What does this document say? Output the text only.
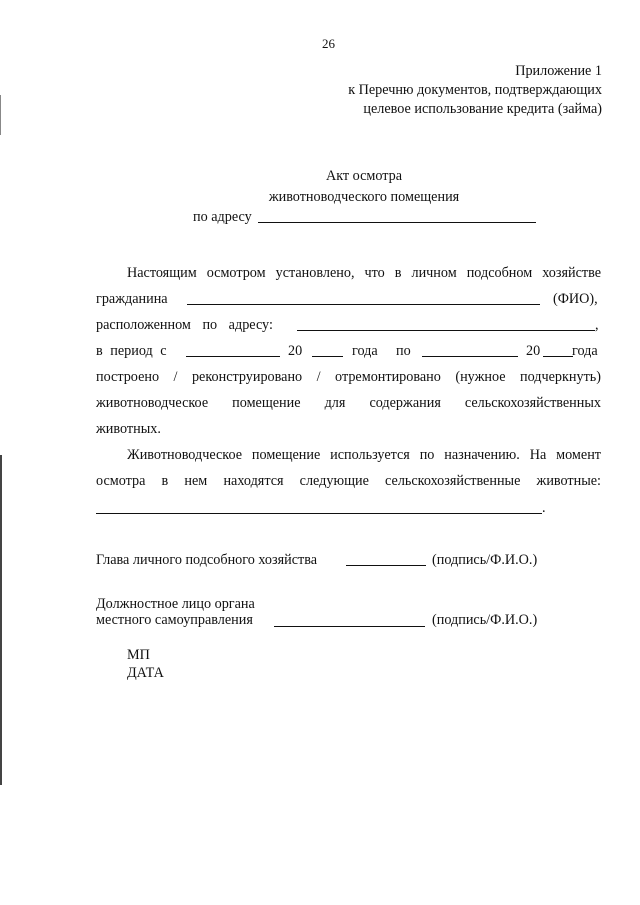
26
Приложение 1
к Перечню документов, подтверждающих
целевое использование кредита (займа)
Акт осмотра
животноводческого помещения
по адресу
Настоящим осмотром установлено, что в личном подсобном хозяйстве
гражданина	(ФИО),
расположенном по адресу:	,
в период с	20	года по	20 года
построено / реконструировано / отремонтировано (нужное подчеркнуть)
животноводческое помещение для содержания сельскохозяйственных
животных.
Животноводческое помещение используется по назначению. На момент
осмотра в нем находятся следующие сельскохозяйственные животные:
.
Глава личного подсобного хозяйства	(подпись/Ф.И.О.)
Должностное лицо органа
местного самоуправления	(подпись/Ф.И.О.)
МП
ДАТА
